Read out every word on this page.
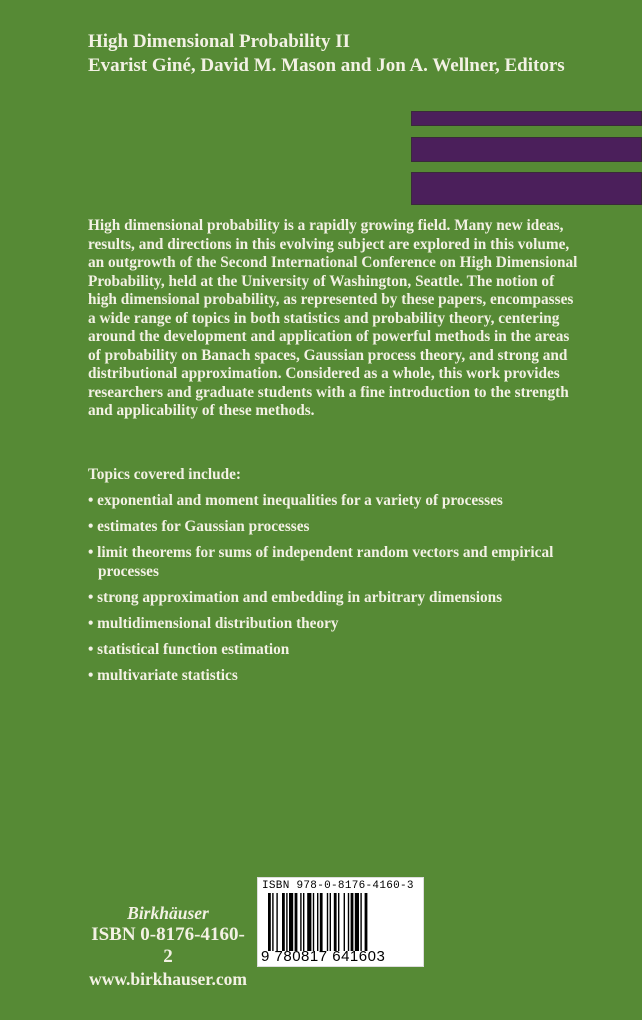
High Dimensional Probability II
Evarist Giné, David M. Mason and Jon A. Wellner, Editors
High dimensional probability is a rapidly growing field. Many new ideas,
results, and directions in this evolving subject are explored in this volume,
an outgrowth of the Second International Conference on High Dimensional
Probability, held at the University of Washington, Seattle. The notion of
high dimensional probability, as represented by these papers, encompasses
a wide range of topics in both statistics and probability theory, centering
around the development and application of powerful methods in the areas
of probability on Banach spaces, Gaussian process theory, and strong and
distributional approximation. Considered as a whole, this work provides
researchers and graduate students with a fine introduction to the strength
and applicability of these methods.
Topics covered include:
• exponential and moment inequalities for a variety of processes
• estimates for Gaussian processes
• limit theorems for sums of independent random vectors and empirical
processes
• strong approximation and embedding in arbitrary dimensions
• multidimensional distribution theory
• statistical function estimation
• multivariate statistics
Birkhäuser
ISBN 0-8176-4160-2
www.birkhauser.com
ISBN 978-0-8176-4160-3
9 780817 641603
